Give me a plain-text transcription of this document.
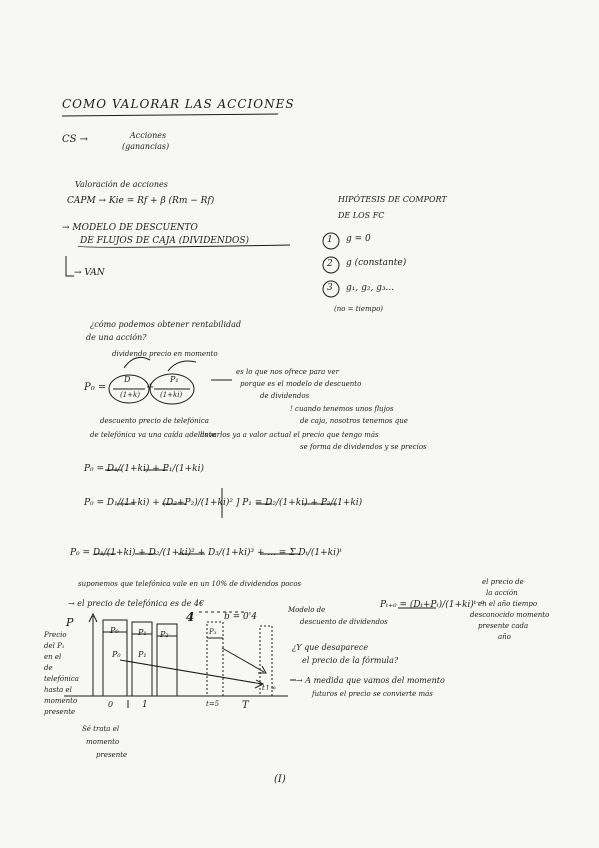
COMO VALORAR LAS ACCIONES
CS →	Acciones
(ganancias)
Valoración de acciones
CAPM → Kie = Rf + β (Rm − Rf)
→ MODELO DE DESCUENTO
DE FLUJOS DE CAJA (DIVIDENDOS)
→ VAN
HIPÓTESIS DE COMPORT
DE LOS FC
1
2
3
g = 0
g (constante)
g₁, g₂, g₃...
(no = tiempo)
¿cómo podemos obtener rentabilidad
de una acción?
dividendo precio en momento
P₀ =
D
(1+k)
P₁
(1+ki)
+
es lo que nos ofrece para ver
porque es el modelo de descuento
de dividendos
! cuando tenemos unos flujos
de caja, nosotros tenemos que
llevarlos ya a valor actual el precio que tengo más
se forma de dividendos y se precios
descuento precio de telefónica
de telefónica va una caída adelante
P₀ = D₁/(1+ki) + P₁/(1+ki)
P₀ = D₁/(1+ki) + (D₂+P₂)/(1+ki)² ] P₁ = D₂/(1+ki) + P₂/(1+ki)
P₀ = D₁/(1+ki) + D₂/(1+ki)² + D₃/(1+ki)³ + ... = Σ Dₜ/(1+ki)ᵗ
suponemos que telefónica vale en un 10% de dividendos pocos
Pₜ₊₀ = (Dₜ+Pₜ)/(1+ki)ᵗ⁻⁰
el precio de
la acción
en el año tiempo
desconocido momento
presente cada
año
→ el precio de telefónica es de 4€
Modelo de
descuento de dividendos
¿Y que desaparece
el precio de la fórmula?
→ A medida que vamos del momento
futuros el precio se convierte más
P
Precio
del P₁
en el
de
telefónica
hasta el
momento
presente
P₀
P₀
P₁
P₁
P₂	P₃
4	b = 0'4
0	1	t=5 T
t↑∞
Sé trata el
momento
presente
(I)
